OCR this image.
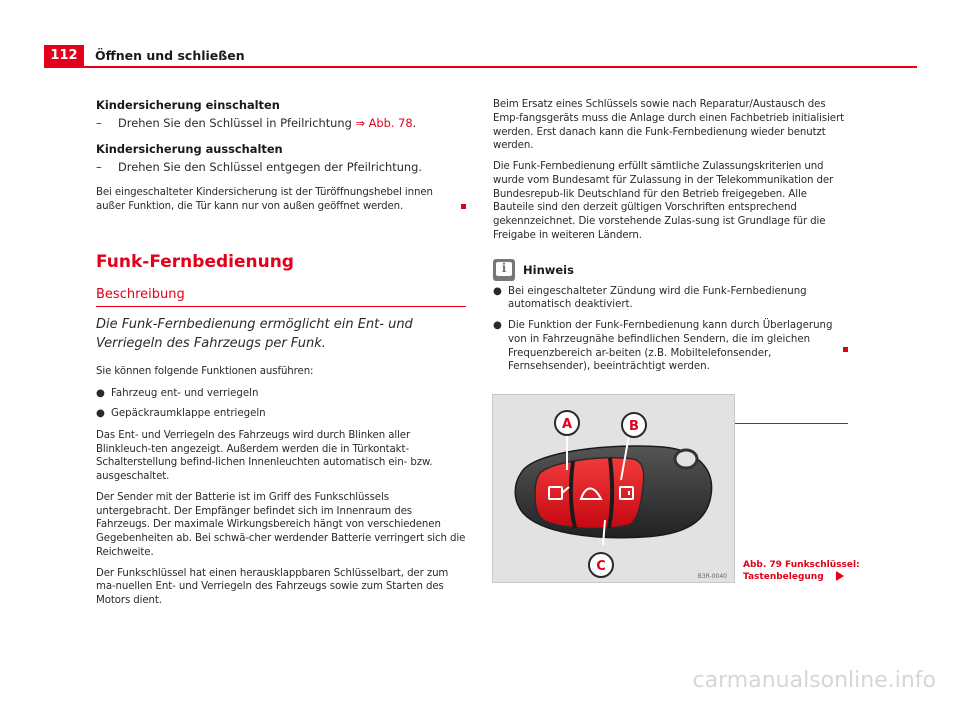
112	Öffnen und schließen
Kindersicherung einschalten
–	Drehen Sie den Schlüssel in Pfeilrichtung ⇒ Abb. 78.
Kindersicherung ausschalten
–	Drehen Sie den Schlüssel entgegen der Pfeilrichtung.
Bei eingeschalteter Kindersicherung ist der Türöffnungshebel innen außer Funktion, die Tür kann nur von außen geöffnet werden.
Funk-Fernbedienung
Beschreibung
Die Funk-Fernbedienung ermöglicht ein Ent- und Verriegeln des Fahrzeugs per Funk.
Sie können folgende Funktionen ausführen:
● Fahrzeug ent- und verriegeln
● Gepäckraumklappe entriegeln
Das Ent- und Verriegeln des Fahrzeugs wird durch Blinken aller Blinkleuch-ten angezeigt. Außerdem werden die in Türkontakt-Schalterstellung befind-lichen Innenleuchten automatisch ein- bzw. ausgeschaltet.
Der Sender mit der Batterie ist im Griff des Funkschlüssels untergebracht. Der Empfänger befindet sich im Innenraum des Fahrzeugs. Der maximale Wirkungsbereich hängt von verschiedenen Gegebenheiten ab. Bei schwä-cher werdender Batterie verringert sich die Reichweite.
Der Funkschlüssel hat einen herausklappbaren Schlüsselbart, der zum ma-nuellen Ent- und Verriegeln des Fahrzeugs sowie zum Starten des Motors dient.
Beim Ersatz eines Schlüssels sowie nach Reparatur/Austausch des Emp-fangsgeräts muss die Anlage durch einen Fachbetrieb initialisiert werden. Erst danach kann die Funk-Fernbedienung wieder benutzt werden.
Die Funk-Fernbedienung erfüllt sämtliche Zulassungskriterien und wurde vom Bundesamt für Zulassung in der Telekommunikation der Bundesrepub-lik Deutschland für den Betrieb freigegeben. Alle Bauteile sind den derzeit gültigen Vorschriften entsprechend gekennzeichnet. Die vorstehende Zulas-sung ist Grundlage für die Freigabe in weiteren Ländern.
i
Hinweis
● Bei eingeschalteter Zündung wird die Funk-Fernbedienung automatisch deaktiviert.
● Die Funktion der Funk-Fernbedienung kann durch Überlagerung von in Fahrzeugnähe befindlichen Sendern, die im gleichen Frequenzbereich ar-beiten (z.B. Mobiltelefonsender, Fernsehsender), beeinträchtigt werden.
A	B
C
B3R-0040
Abb. 79 Funkschlüssel:
Tastenbelegung
carmanualsonline.info
